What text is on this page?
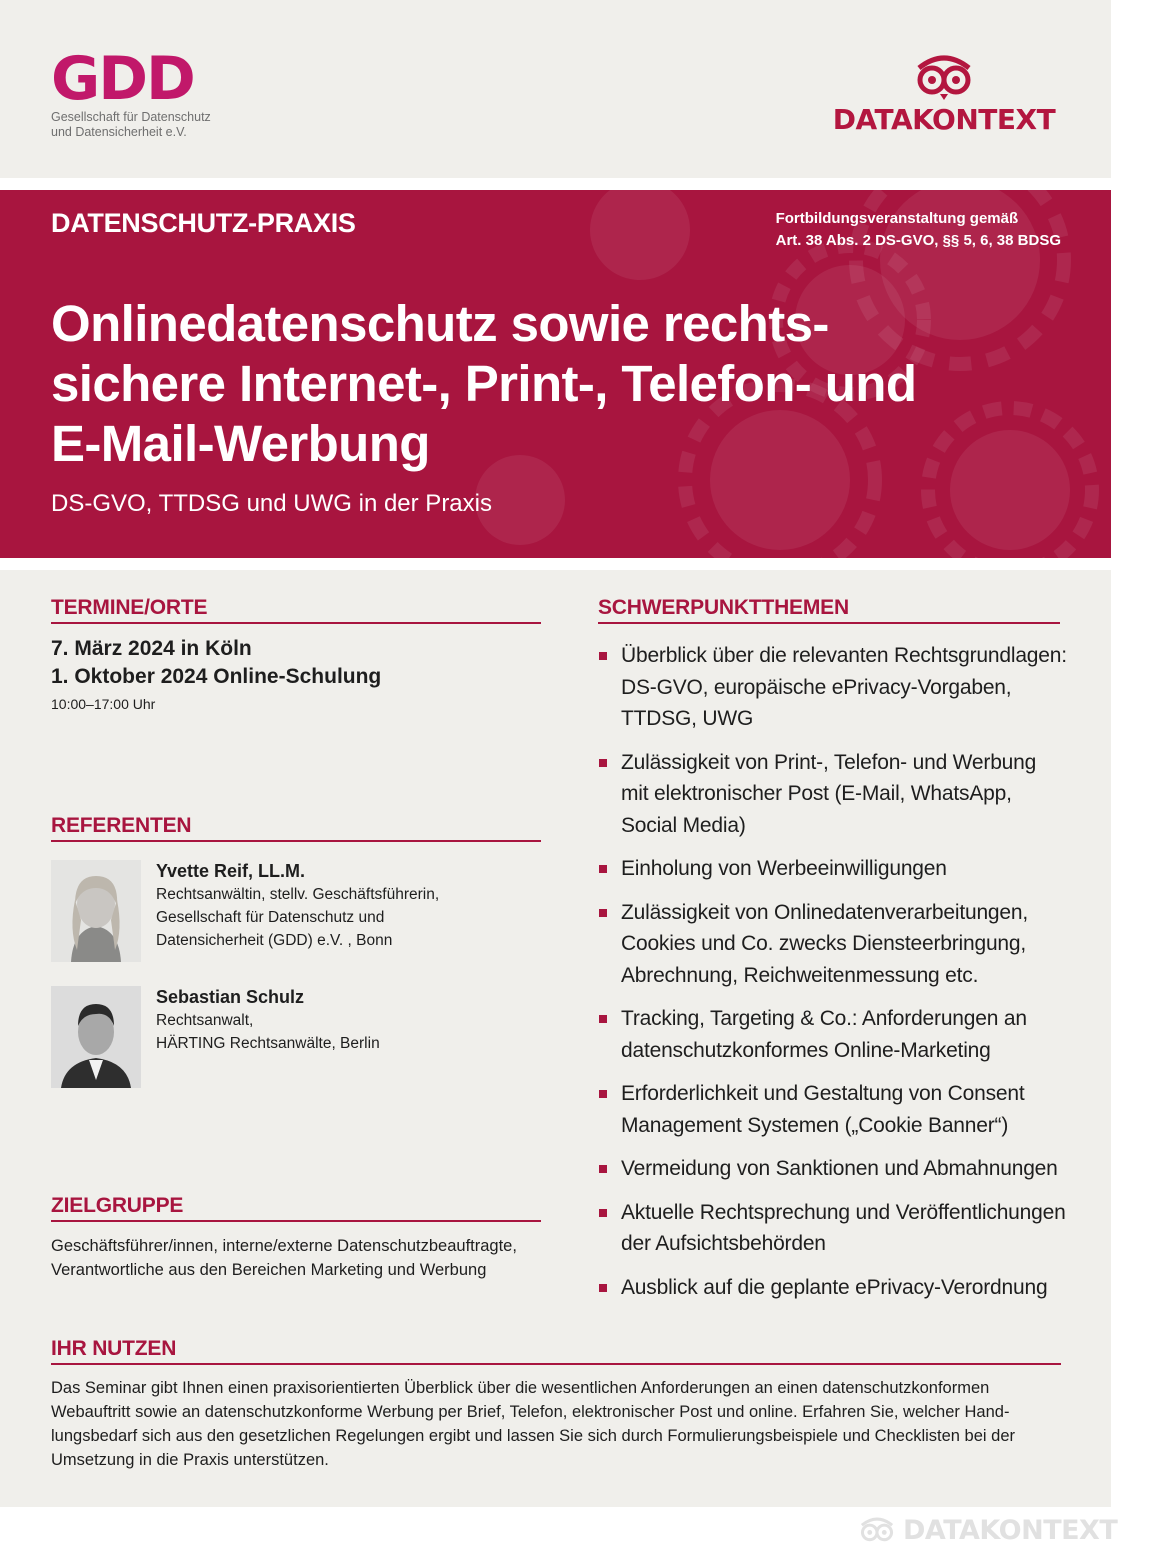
GDD
Gesellschaft für Datenschutz
und Datensicherheit e.V.	DATAKONTEXT
DATENSCHUTZ-PRAXIS	Fortbildungsveranstaltung gemäß
Art. 38 Abs. 2 DS-GVO, §§ 5, 6, 38 BDSG
Onlinedatenschutz sowie rechts-
sichere Internet-, Print-, Telefon- und
E-Mail-Werbung
DS-GVO, TTDSG und UWG in der Praxis
TERMINE/ORTE
7. März 2024 in Köln
1. Oktober 2024 Online-Schulung
10:00–17:00 Uhr
REFERENTEN
Yvette Reif, LL.M.
Rechtsanwältin, stellv. Geschäftsführerin,
Gesellschaft für Datenschutz und
Datensicherheit (GDD) e.V. , Bonn
Sebastian Schulz
Rechtsanwalt,
HÄRTING Rechtsanwälte, Berlin
ZIELGRUPPE
Geschäftsführer/innen, interne/externe Datenschutzbeauftragte,
Verantwortliche aus den Bereichen Marketing und Werbung
SCHWERPUNKTTHEMEN
Überblick über die relevanten Rechtsgrundlagen: DS-GVO, europäische ePrivacy-Vorgaben, TTDSG, UWG
Zulässigkeit von Print-, Telefon- und Werbung mit elektronischer Post (E-Mail, WhatsApp, Social Media)
Einholung von Werbeeinwilligungen
Zulässigkeit von Onlinedatenverarbeitungen, Cookies und Co. zwecks Diensteerbringung, Abrechnung, Reichweitenmessung etc.
Tracking, Targeting & Co.: Anforderungen an datenschutzkonformes Online-Marketing
Erforderlichkeit und Gestaltung von Consent Management Systemen („Cookie Banner“)
Vermeidung von Sanktionen und Abmahnungen
Aktuelle Rechtsprechung und Veröffentlichungen der Aufsichtsbehörden
Ausblick auf die geplante ePrivacy-Verordnung
IHR NUTZEN
Das Seminar gibt Ihnen einen praxisorientierten Überblick über die wesentlichen Anforderungen an einen datenschutzkonformen
Webauftritt sowie an datenschutzkonforme Werbung per Brief, Telefon, elektronischer Post und online. Erfahren Sie, welcher Hand-
lungsbedarf sich aus den gesetzlichen Regelungen ergibt und lassen Sie sich durch Formulierungsbeispiele und Checklisten bei der
Umsetzung in die Praxis unterstützen.
DATAKONTEXT
